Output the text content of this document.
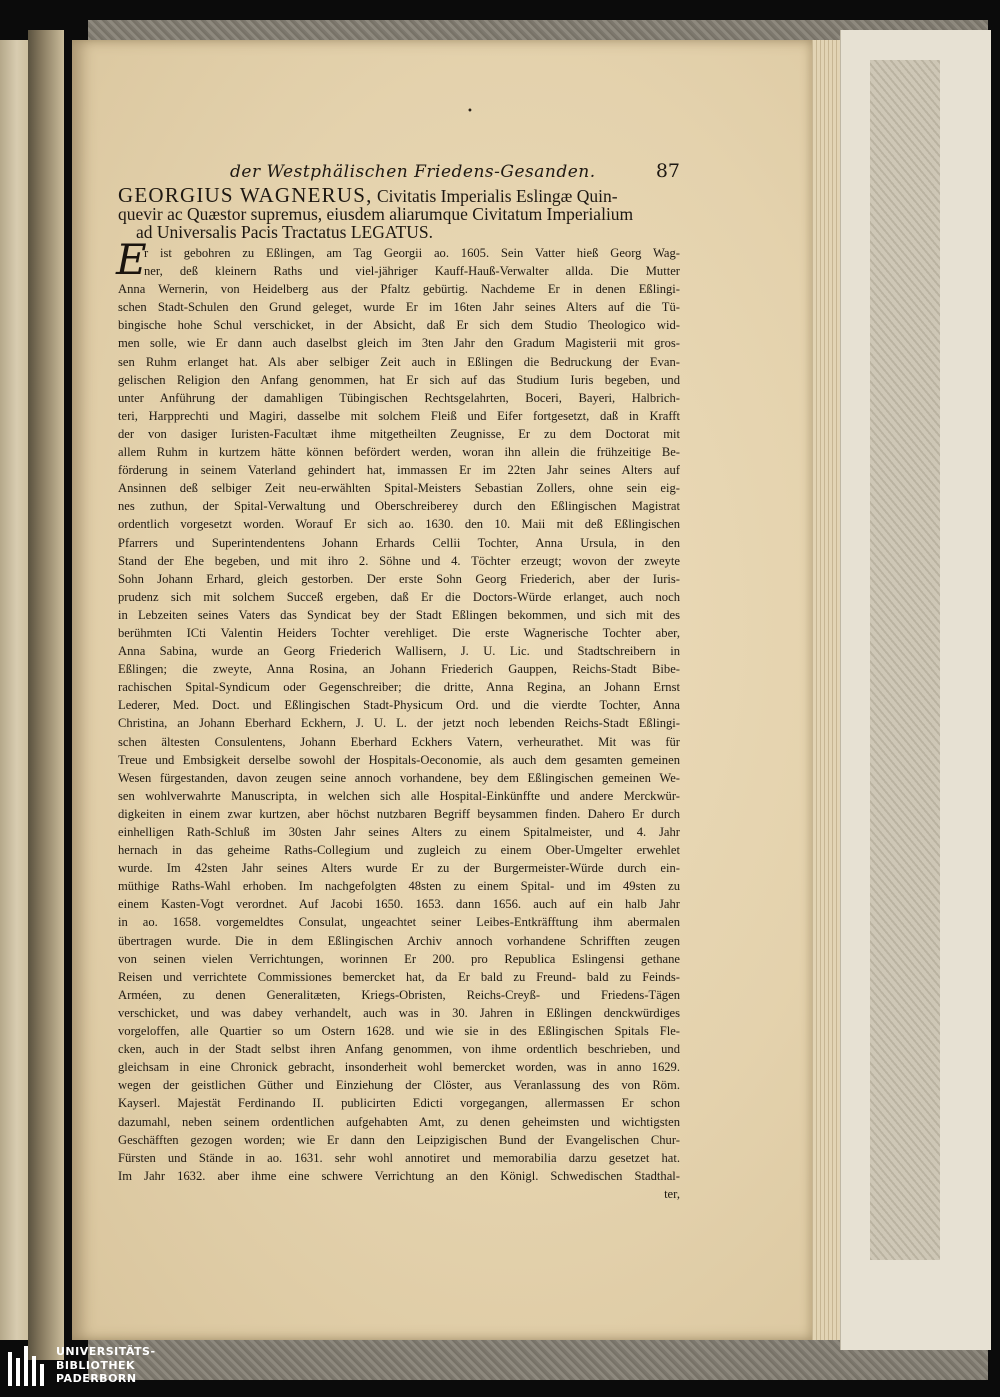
•
der Westphälischen Friedens-Gesanden.	87
GEORGIUS WAGNERUS, Civitatis Imperialis Eslingæ Quin-
quevir ac Quæstor supremus, eiusdem aliarumque Civitatum Imperialium
ad Universalis Pacis Tractatus LEGATUS.
E
r ist gebohren zu Eßlingen, am Tag Georgii ao. 1605. Sein Vatter hieß Georg Wag-
ner, deß kleinern Raths und viel-jähriger Kauff-Hauß-Verwalter allda. Die Mutter
Anna Wernerin, von Heidelberg aus der Pfaltz gebürtig. Nachdeme Er in denen Eßlingi-
schen Stadt-Schulen den Grund geleget, wurde Er im 16ten Jahr seines Alters auf die Tü-
bingische hohe Schul verschicket, in der Absicht, daß Er sich dem Studio Theologico wid-
men solle, wie Er dann auch daselbst gleich im 3ten Jahr den Gradum Magisterii mit gros-
sen Ruhm erlanget hat. Als aber selbiger Zeit auch in Eßlingen die Bedruckung der Evan-
gelischen Religion den Anfang genommen, hat Er sich auf das Studium Iuris begeben, und
unter Anführung der damahligen Tübingischen Rechtsgelahrten, Boceri, Bayeri, Halbrich-
teri, Harpprechti und Magiri, dasselbe mit solchem Fleiß und Eifer fortgesetzt, daß in Krafft
der von dasiger Iuristen-Facultæt ihme mitgetheilten Zeugnisse, Er zu dem Doctorat mit
allem Ruhm in kurtzem hätte können befördert werden, woran ihn allein die frühzeitige Be-
förderung in seinem Vaterland gehindert hat, immassen Er im 22ten Jahr seines Alters auf
Ansinnen deß selbiger Zeit neu-erwählten Spital-Meisters Sebastian Zollers, ohne sein eig-
nes zuthun, der Spital-Verwaltung und Oberschreiberey durch den Eßlingischen Magistrat
ordentlich vorgesetzt worden. Worauf Er sich ao. 1630. den 10. Maii mit deß Eßlingischen
Pfarrers und Superintendentens Johann Erhards Cellii Tochter, Anna Ursula, in den
Stand der Ehe begeben, und mit ihro 2. Söhne und 4. Töchter erzeugt; wovon der zweyte
Sohn Johann Erhard, gleich gestorben. Der erste Sohn Georg Friederich, aber der Iuris-
prudenz sich mit solchem Succeß ergeben, daß Er die Doctors-Würde erlanget, auch noch
in Lebzeiten seines Vaters das Syndicat bey der Stadt Eßlingen bekommen, und sich mit des
berühmten ICti Valentin Heiders Tochter verehliget. Die erste Wagnerische Tochter aber,
Anna Sabina, wurde an Georg Friederich Wallisern, J. U. Lic. und Stadtschreibern in
Eßlingen; die zweyte, Anna Rosina, an Johann Friederich Gauppen, Reichs-Stadt Bibe-
rachischen Spital-Syndicum oder Gegenschreiber; die dritte, Anna Regina, an Johann Ernst
Lederer, Med. Doct. und Eßlingischen Stadt-Physicum Ord. und die vierdte Tochter, Anna
Christina, an Johann Eberhard Eckhern, J. U. L. der jetzt noch lebenden Reichs-Stadt Eßlingi-
schen ältesten Consulentens, Johann Eberhard Eckhers Vatern, verheurathet. Mit was für
Treue und Embsigkeit derselbe sowohl der Hospitals-Oeconomie, als auch dem gesamten gemeinen
Wesen fürgestanden, davon zeugen seine annoch vorhandene, bey dem Eßlingischen gemeinen We-
sen wohlverwahrte Manuscripta, in welchen sich alle Hospital-Einkünffte und andere Merckwür-
digkeiten in einem zwar kurtzen, aber höchst nutzbaren Begriff beysammen finden. Dahero Er durch
einhelligen Rath-Schluß im 30sten Jahr seines Alters zu einem Spitalmeister, und 4. Jahr
hernach in das geheime Raths-Collegium und zugleich zu einem Ober-Umgelter erwehlet
wurde. Im 42sten Jahr seines Alters wurde Er zu der Burgermeister-Würde durch ein-
müthige Raths-Wahl erhoben. Im nachgefolgten 48sten zu einem Spital- und im 49sten zu
einem Kasten-Vogt verordnet. Auf Jacobi 1650. 1653. dann 1656. auch auf ein halb Jahr
in ao. 1658. vorgemeldtes Consulat, ungeachtet seiner Leibes-Entkräfftung ihm abermalen
übertragen wurde. Die in dem Eßlingischen Archiv annoch vorhandene Schrifften zeugen
von seinen vielen Verrichtungen, worinnen Er 200. pro Republica Eslingensi gethane
Reisen und verrichtete Commissiones bemercket hat, da Er bald zu Freund- bald zu Feinds-
Arméen, zu denen Generalitæten, Kriegs-Obristen, Reichs-Creyß- und Friedens-Tägen
verschicket, und was dabey verhandelt, auch was in 30. Jahren in Eßlingen denckwürdiges
vorgeloffen, alle Quartier so um Ostern 1628. und wie sie in des Eßlingischen Spitals Fle-
cken, auch in der Stadt selbst ihren Anfang genommen, von ihme ordentlich beschrieben, und
gleichsam in eine Chronick gebracht, insonderheit wohl bemercket worden, was in anno 1629.
wegen der geistlichen Güther und Einziehung der Clöster, aus Veranlassung des von Röm.
Kayserl. Majestät Ferdinando II. publicirten Edicti vorgegangen, allermassen Er schon
dazumahl, neben seinem ordentlichen aufgehabten Amt, zu denen geheimsten und wichtigsten
Geschäfften gezogen worden; wie Er dann den Leipzigischen Bund der Evangelischen Chur-
Fürsten und Stände in ao. 1631. sehr wohl annotiret und memorabilia darzu gesetzet hat.
Im Jahr 1632. aber ihme eine schwere Verrichtung an den Königl. Schwedischen Stadthal-
ter,
UNIVERSITÄTS-
BIBLIOTHEK
PADERBORN
